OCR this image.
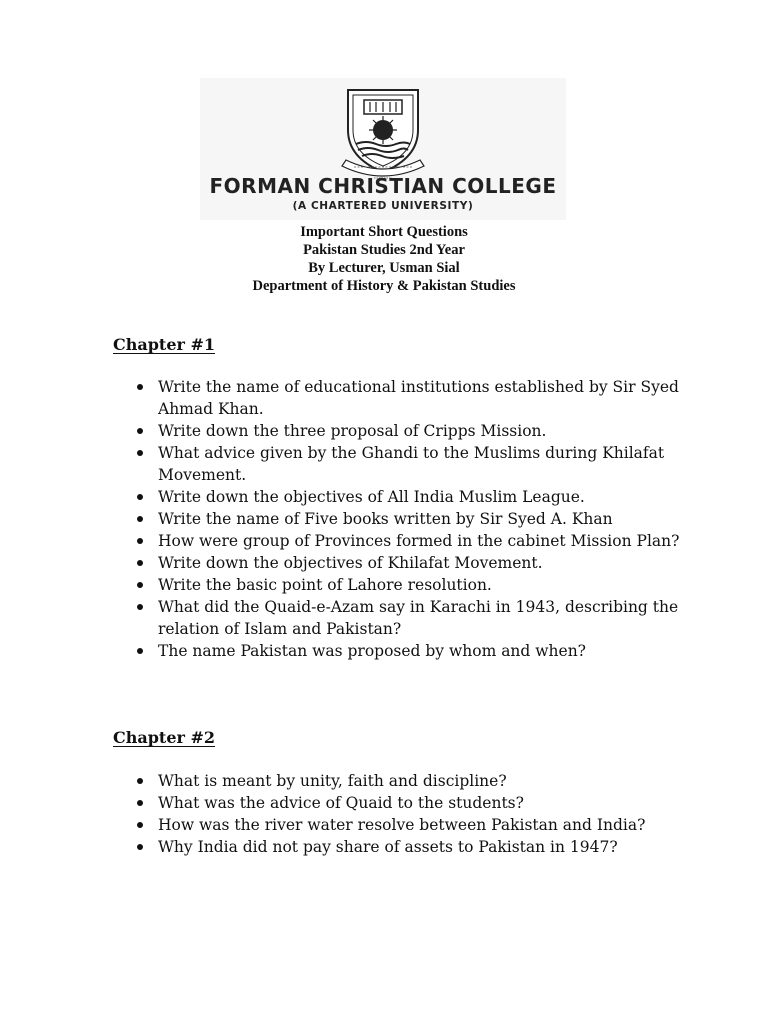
FORMAN CHRISTIAN COLLEGE
(A CHARTERED UNIVERSITY)
Important Short Questions
Pakistan Studies 2nd Year
By Lecturer, Usman Sial
Department of History & Pakistan Studies
Chapter #1
Write the name of educational institutions established by Sir Syed Ahmad Khan.
Write down the three proposal of Cripps Mission.
What advice given by the Ghandi to the Muslims during Khilafat Movement.
Write down the objectives of All India Muslim League.
Write the name of Five books written by Sir Syed A. Khan
How were group of Provinces formed in the cabinet Mission Plan?
Write down the objectives of Khilafat Movement.
Write the basic point of Lahore resolution.
What did the Quaid-e-Azam say in Karachi in 1943, describing the relation of Islam and Pakistan?
The name Pakistan was proposed by whom and when?
Chapter #2
What is meant by unity, faith and discipline?
What was the advice of Quaid to the students?
How was the river water resolve between Pakistan and India?
Why India did not pay share of assets to Pakistan in 1947?
